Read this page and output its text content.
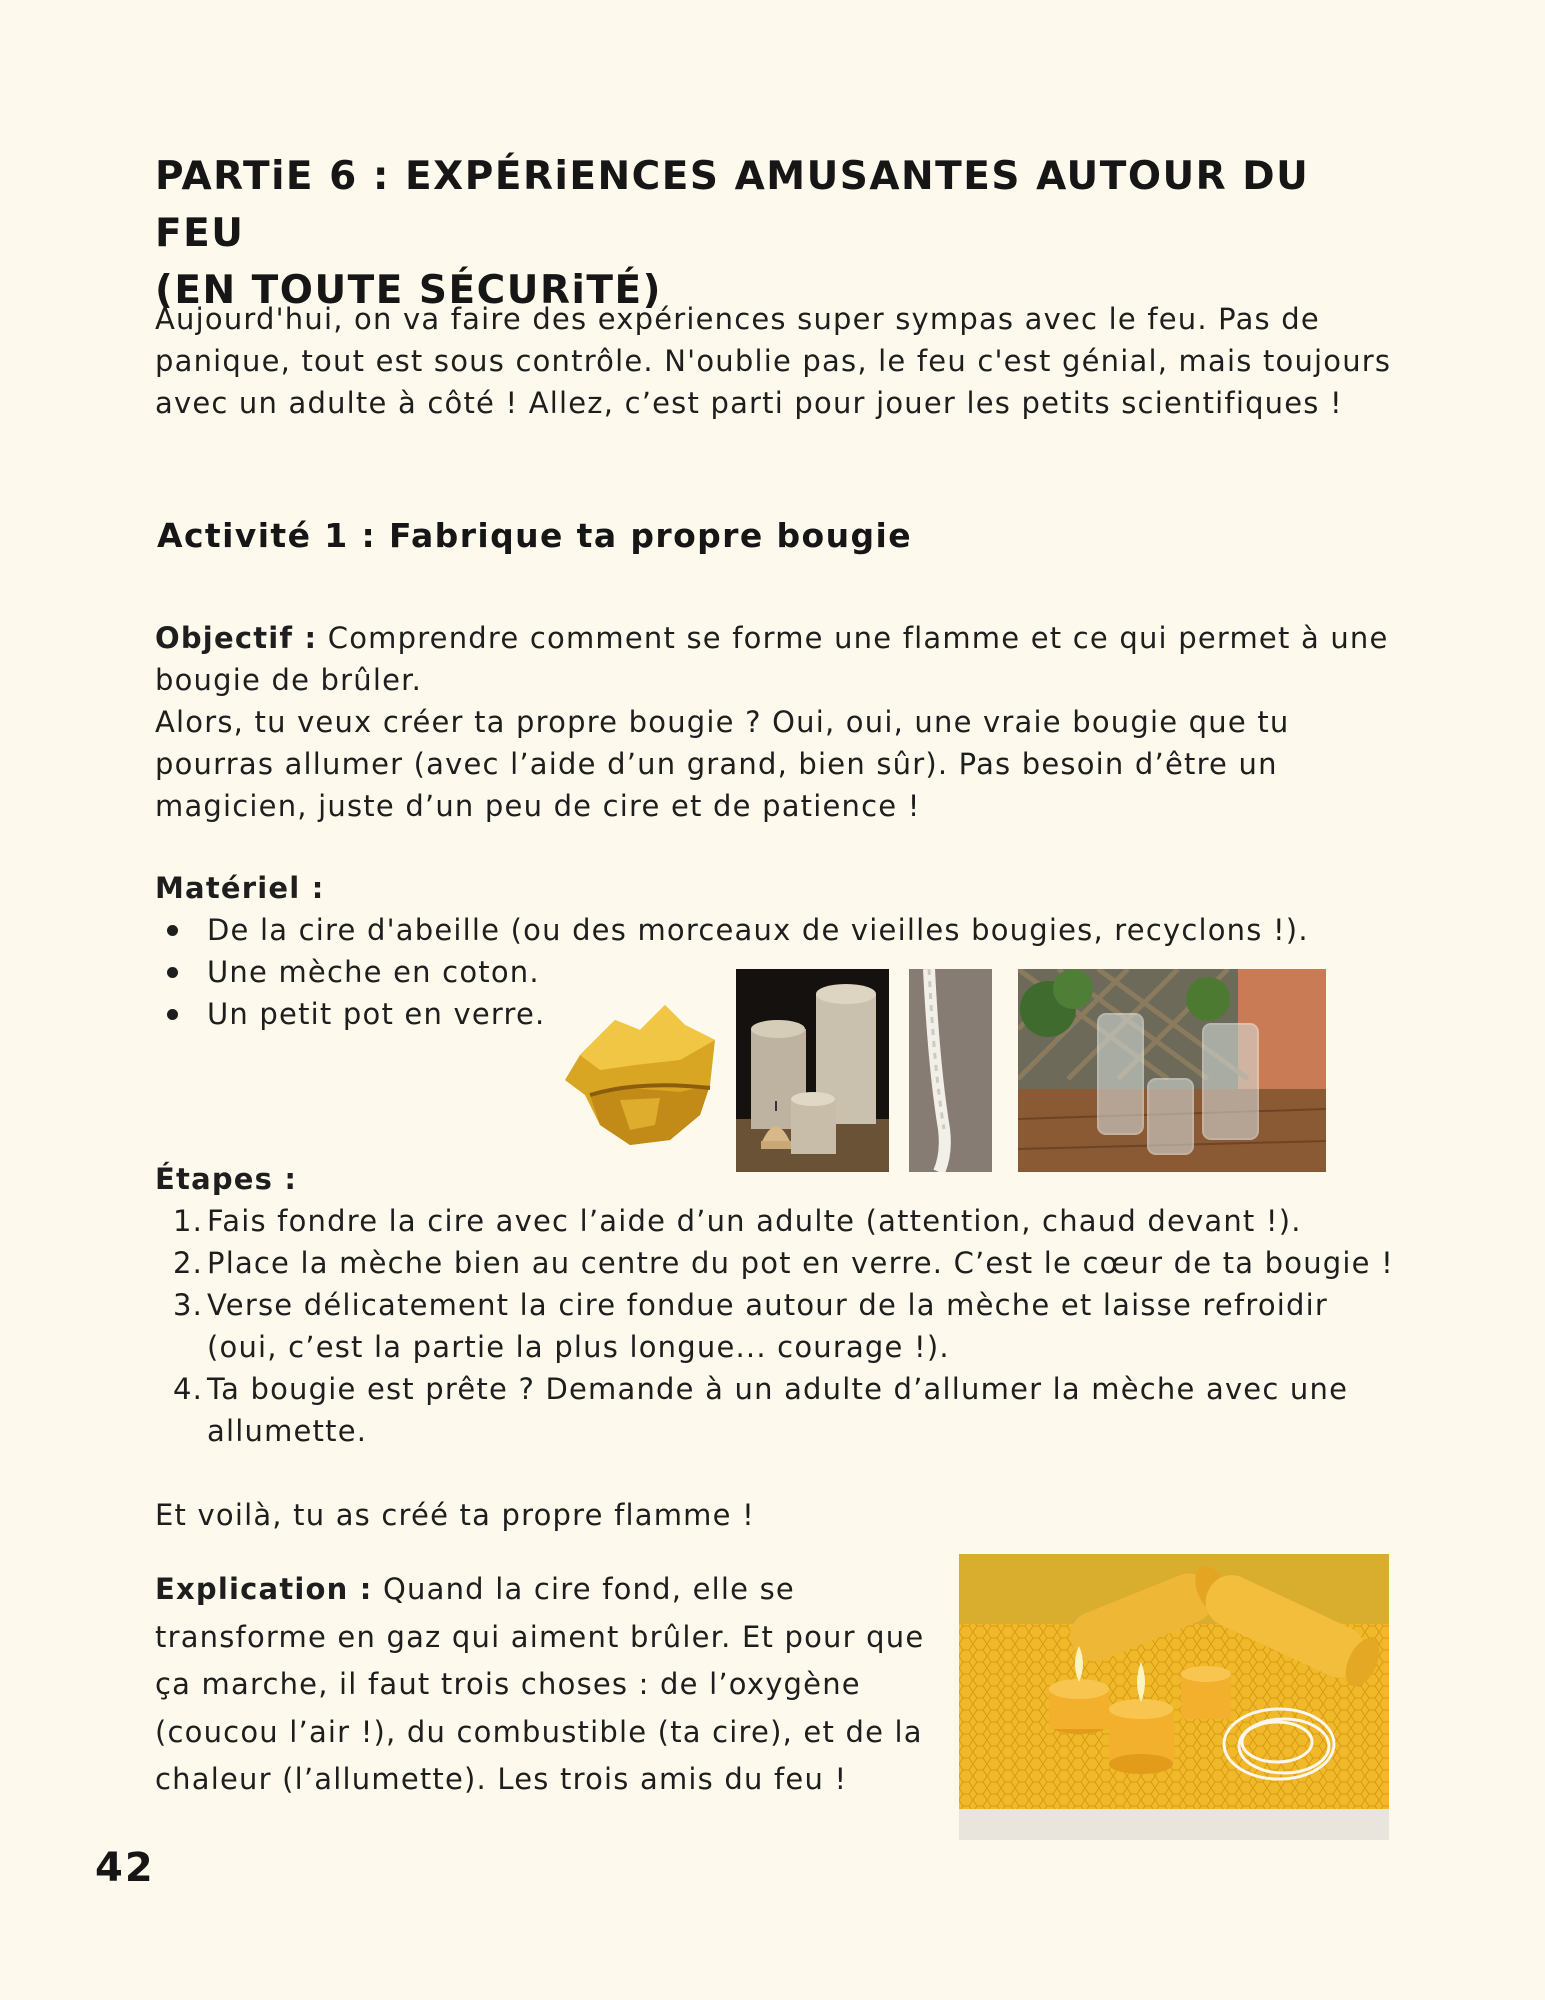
PARTiE 6 : EXPÉRiENCES AMUSANTES AUTOUR DU FEU
(EN TOUTE SÉCURiTÉ)

Aujourd'hui, on va faire des expériences super sympas avec le feu. Pas de panique, tout est sous contrôle. N'oublie pas, le feu c'est génial, mais toujours avec un adulte à côté ! Allez, c’est parti pour jouer les petits scientifiques !

Activité 1 : Fabrique ta propre bougie
Objectif : Comprendre comment se forme une flamme et ce qui permet à une bougie de brûler.
Alors, tu veux créer ta propre bougie ? Oui, oui, une vraie bougie que tu pourras allumer (avec l’aide d’un grand, bien sûr). Pas besoin d’être un magicien, juste d’un peu de cire et de patience !
Matériel :
De la cire d'abeille (ou des morceaux de vieilles bougies, recyclons !).
Une mèche en coton.
Un petit pot en verre.
Étapes :
1. Fais fondre la cire avec l’aide d’un adulte (attention, chaud devant !).
2. Place la mèche bien au centre du pot en verre. C’est le cœur de ta bougie !
3. Verse délicatement la cire fondue autour de la mèche et laisse refroidir (oui, c’est la partie la plus longue... courage !).
4. Ta bougie est prête ? Demande à un adulte d’allumer la mèche avec une allumette.
Et voilà, tu as créé ta propre flamme !
Explication : Quand la cire fond, elle se transforme en gaz qui aiment brûler. Et pour que ça marche, il faut trois choses : de l’oxygène (coucou l’air !), du combustible (ta cire), et de la chaleur (l’allumette). Les trois amis du feu !
42
